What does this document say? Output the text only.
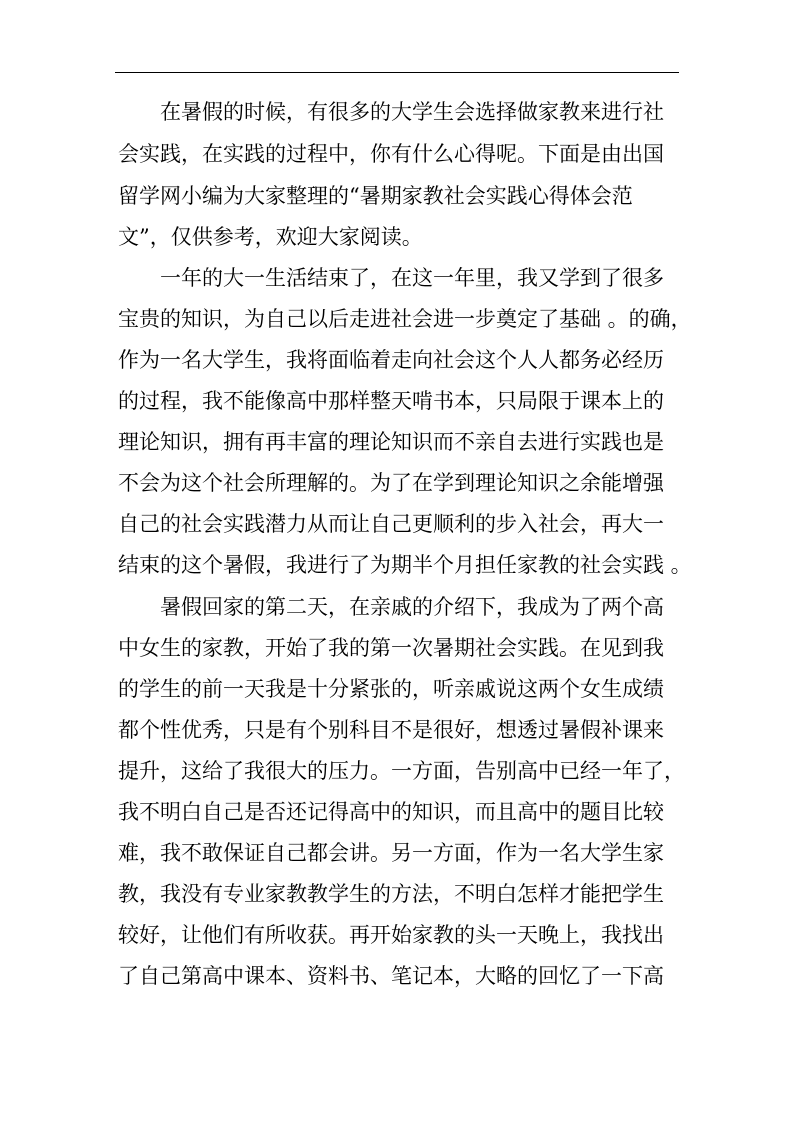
在暑假的时候，有很多的大学生会选择做家教来进行社
会实践，在实践的过程中，你有什么心得呢。下面是由出国
留学网小编为大家整理的“暑期家教社会实践心得体会范
文”，仅供参考，欢迎大家阅读。
一年的大一生活结束了，在这一年里，我又学到了很多
宝贵的知识，为自己以后走进社会进一步奠定了基础 。的确，
作为一名大学生，我将面临着走向社会这个人人都务必经历
的过程，我不能像高中那样整天啃书本，只局限于课本上的
理论知识，拥有再丰富的理论知识而不亲自去进行实践也是
不会为这个社会所理解的。为了在学到理论知识之余能增强
自己的社会实践潜力从而让自己更顺利的步入社会，再大一
结束的这个暑假，我进行了为期半个月担任家教的社会实践 。
暑假回家的第二天，在亲戚的介绍下，我成为了两个高
中女生的家教，开始了我的第一次暑期社会实践。在见到我
的学生的前一天我是十分紧张的，听亲戚说这两个女生成绩
都个性优秀，只是有个别科目不是很好，想透过暑假补课来
提升，这给了我很大的压力。一方面，告别高中已经一年了，
我不明白自己是否还记得高中的知识，而且高中的题目比较
难，我不敢保证自己都会讲。另一方面，作为一名大学生家
教，我没有专业家教教学生的方法，不明白怎样才能把学生
较好，让他们有所收获。再开始家教的头一天晚上，我找出
了自己第高中课本、资料书、笔记本，大略的回忆了一下高
